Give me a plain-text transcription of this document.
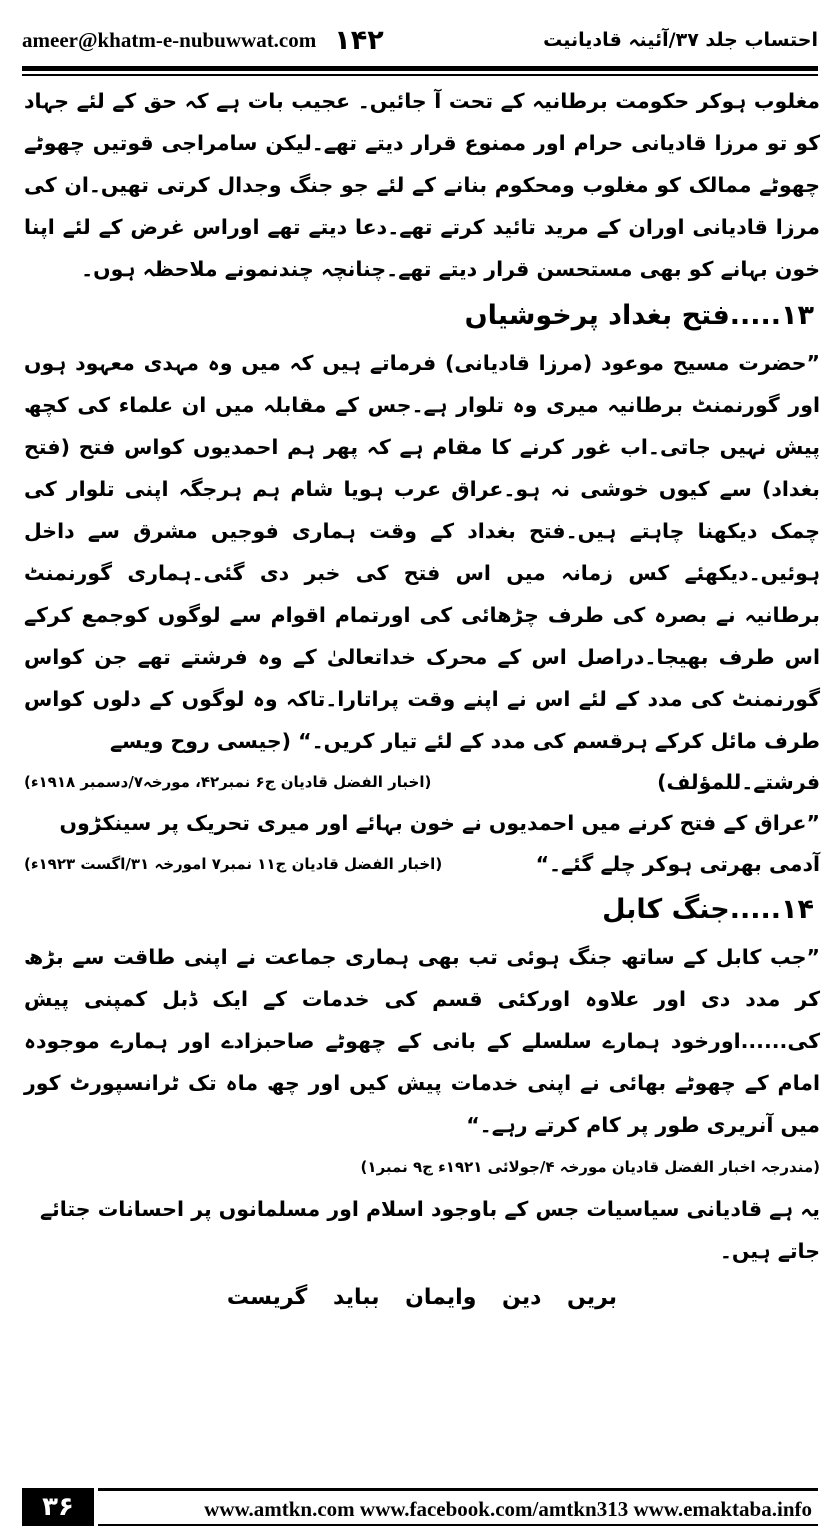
ameer@khatm-e-nubuwwat.com ۱۴۲	احتساب جلد ۳۷/آئینہ قادیانیت

مغلوب ہوکر حکومت برطانیہ کے تحت آ جائیں۔ عجیب بات ہے کہ حق کے لئے جہاد کو تو مرزا قادیانی حرام اور ممنوع قرار دیتے تھے۔لیکن سامراجی قوتیں چھوٹے چھوٹے ممالک کو مغلوب ومحکوم بنانے کے لئے جو جنگ وجدال کرتی تھیں۔ان کی مرزا قادیانی اوران کے مرید تائید کرتے تھے۔دعا دیتے تھے اوراس غرض کے لئے اپنا خون بہانے کو بھی مستحسن قرار دیتے تھے۔چنانچہ چندنمونے ملاحظہ ہوں۔

۱۳.....فتح بغداد پرخوشیاں

”حضرت مسیح موعود (مرزا قادیانی) فرماتے ہیں کہ میں وہ مہدی معہود ہوں اور گورنمنٹ برطانیہ میری وہ تلوار ہے۔جس کے مقابلہ میں ان علماء کی کچھ پیش نہیں جاتی۔اب غور کرنے کا مقام ہے کہ پھر ہم احمدیوں کواس فتح (فتح بغداد) سے کیوں خوشی نہ ہو۔عراق عرب ہویا شام ہم ہرجگہ اپنی تلوار کی چمک دیکھنا چاہتے ہیں۔فتح بغداد کے وقت ہماری فوجیں مشرق سے داخل ہوئیں۔دیکھئے کس زمانہ میں اس فتح کی خبر دی گئی۔ہماری گورنمنٹ برطانیہ نے بصرہ کی طرف چڑھائی کی اورتمام اقوام سے لوگوں کوجمع کرکے اس طرف بھیجا۔دراصل اس کے محرک خداتعالیٰ کے وہ فرشتے تھے جن کواس گورنمنٹ کی مدد کے لئے اس نے اپنے وقت پراتارا۔تاکہ وہ لوگوں کے دلوں کواس طرف مائل کرکے ہرقسم کی مدد کے لئے تیار کریں۔“ (جیسی روح ویسے

فرشتے۔للمؤلف)
(اخبار الفضل قادیان ج۶ نمبر۴۲، مورخہ۷/دسمبر ۱۹۱۸ء)

”عراق کے فتح کرنے میں احمدیوں نے خون بہائے اور میری تحریک پر سینکڑوں

آدمی بھرتی ہوکر چلے گئے۔“
(اخبار الفضل قادیان ج۱۱ نمبر۷ امورخہ ۳۱/اگست ۱۹۲۳ء)

۱۴.....جنگ کابل

”جب کابل کے ساتھ جنگ ہوئی تب بھی ہماری جماعت نے اپنی طاقت سے بڑھ کر مدد دی اور علاوہ اورکئی قسم کی خدمات کے ایک ڈبل کمپنی پیش کی......اورخود ہمارے سلسلے کے بانی کے چھوٹے صاحبزادے اور ہمارے موجودہ امام کے چھوٹے بھائی نے اپنی خدمات پیش کیں اور چھ ماہ تک ٹرانسپورٹ کور میں آنریری طور پر کام کرتے رہے۔“

(مندرجہ اخبار الفضل قادیان مورخہ ۴/جولائی ۱۹۲۱ء ج۹ نمبر۱)

یہ ہے قادیانی سیاسیات جس کے باوجود اسلام اور مسلمانوں پر احسانات جتائے

جاتے ہیں۔

بریں دین وایمان بباید گریست

۳۶	www.amtkn.com www.facebook.com/amtkn313 www.emaktaba.info
